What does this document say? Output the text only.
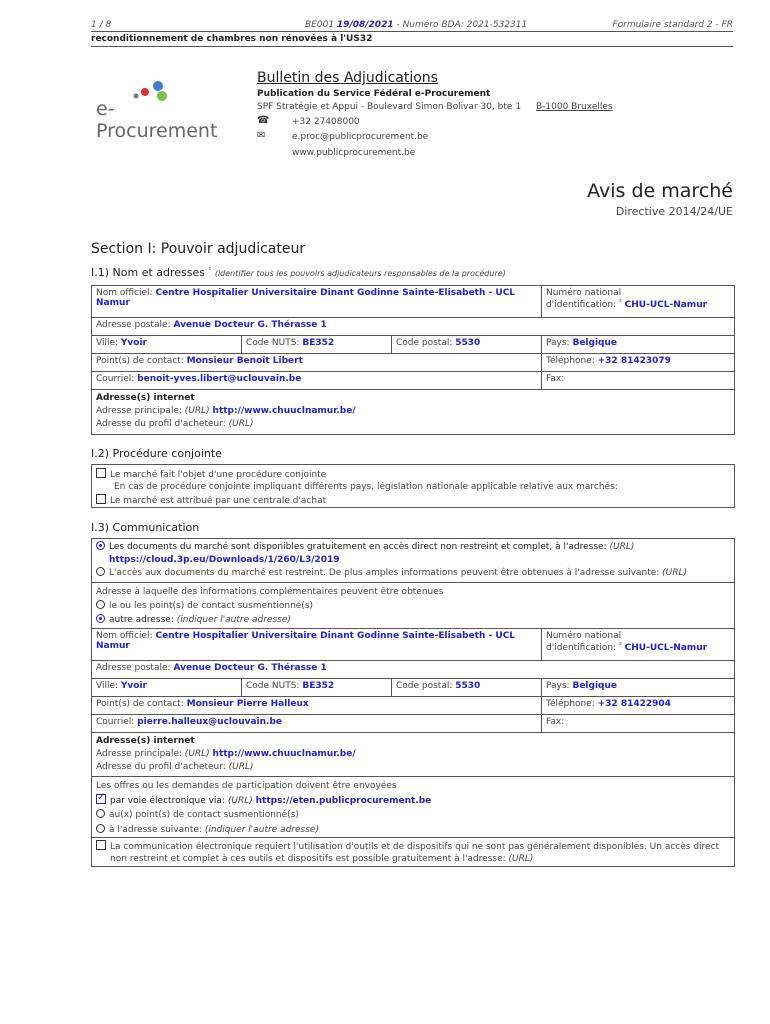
1 / 8	BE001 19/08/2021 - Numéro BDA: 2021-532311	Formulaire standard 2 - FR
reconditionnement de chambres non rénovées à l'US32
e-Procurement
Bulletin des Adjudications
Publication du Service Fédéral e-Procurement
SPF Stratégie et Appui - Boulevard Simon Bolivar 30, bte 1 B-1000 Bruxelles
☎	+32 27408000
✉	e.proc@publicprocurement.be
www.publicprocurement.be
Avis de marché
Directive 2014/24/UE
Section I: Pouvoir adjudicateur
I.1) Nom et adresses $^{^1}$ (identifier tous les pouvoirs adjudicateurs responsables de la procédure)
Nom officiel: Centre Hospitalier Universitaire Dinant Godinne Sainte-Elisabeth - UCL
Namur
Numéro national
d'identification: $^{^2}$ CHU-UCL-Namur
Adresse postale: Avenue Docteur G. Thérasse 1
Ville: Yvoir	Code NUTS: BE352	Code postal: 5530	Pays: Belgique
Point(s) de contact: Monsieur Benoît Libert	Téléphone: +32 81423079
Courriel: benoit-yves.libert@uclouvain.be	Fax:
Adresse(s) internet
Adresse principale: (URL) http://www.chuuclnamur.be/
Adresse du profil d'acheteur: (URL)
I.2) Procédure conjointe
Le marché fait l'objet d'une procédure conjointe
En cas de procédure conjointe impliquant différents pays, législation nationale applicable relative aux marchés:
Le marché est attribué par une centrale d'achat
I.3) Communication
Les documents du marché sont disponibles gratuitement en accès direct non restreint et complet, à l'adresse: (URL)
https://cloud.3p.eu/Downloads/1/260/L3/2019
L'accès aux documents du marché est restreint. De plus amples informations peuvent être obtenues à l'adresse suivante: (URL)
Adresse à laquelle des informations complémentaires peuvent être obtenues
le ou les point(s) de contact susmentionné(s)
autre adresse: (indiquer l'autre adresse)
Nom officiel: Centre Hospitalier Universitaire Dinant Godinne Sainte-Elisabeth - UCL
Namur
Numéro national
d'identification: $^{^2}$ CHU-UCL-Namur
Adresse postale: Avenue Docteur G. Thérasse 1
Ville: Yvoir	Code NUTS: BE352	Code postal: 5530	Pays: Belgique
Point(s) de contact: Monsieur Pierre Halleux	Téléphone: +32 81422904
Courriel: pierre.halleux@uclouvain.be	Fax:
Adresse(s) internet
Adresse principale: (URL) http://www.chuuclnamur.be/
Adresse du profil d'acheteur: (URL)
Les offres ou les demandes de participation doivent être envoyées
✓par voie électronique via: (URL) https://eten.publicprocurement.be
au(x) point(s) de contact susmentionné(s)
à l'adresse suivante: (indiquer l'autre adresse)
La communication électronique requiert l'utilisation d'outils et de dispositifs qui ne sont pas généralement disponibles. Un accès direct
non restreint et complet à ces outils et dispositifs est possible gratuitement à l'adresse: (URL)
